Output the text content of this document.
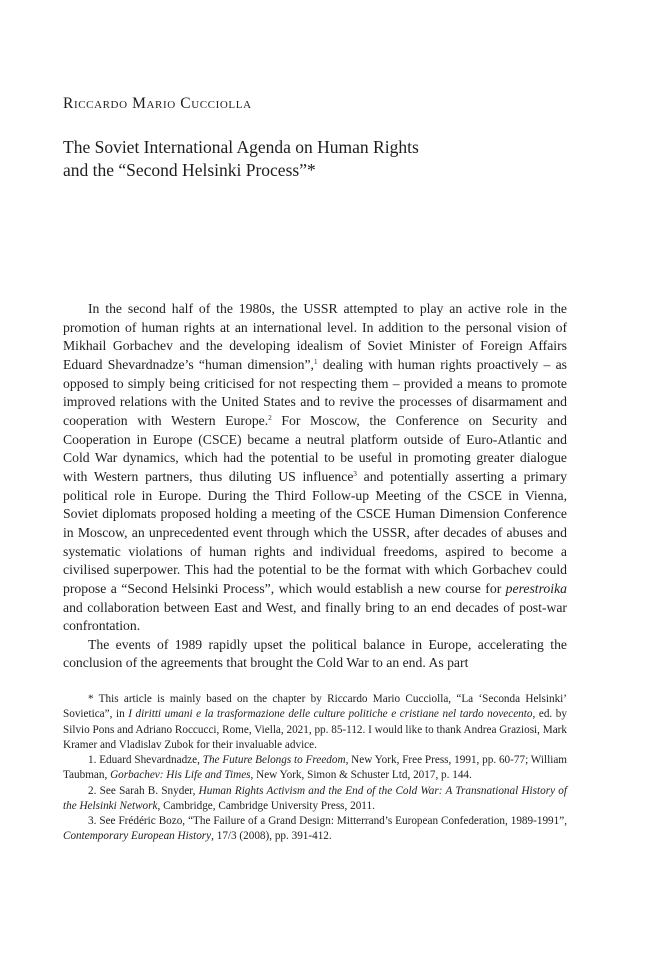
Riccardo Mario Cucciolla
The Soviet International Agenda on Human Rights
and the “Second Helsinki Process”*

In the second half of the 1980s, the USSR attempted to play an active role in the promotion of human rights at an international level. In addition to the personal vision of Mikhail Gorbachev and the developing idealism of Soviet Minister of Foreign Affairs Eduard Shevardnadze’s “human dimension”,$^1$ dealing with human rights proactively – as opposed to simply being criticised for not respecting them – provided a means to promote improved relations with the United States and to revive the processes of disarmament and cooperation with Western Europe.$^2$ For Moscow, the Conference on Security and Cooperation in Europe (CSCE) became a neutral platform outside of Euro-Atlantic and Cold War dynamics, which had the potential to be useful in promoting greater dialogue with Western partners, thus diluting US influence$^3$ and potentially asserting a primary political role in Europe. During the Third Follow-up Meeting of the CSCE in Vienna, Soviet diplomats proposed holding a meeting of the CSCE Human Dimension Conference in Moscow, an unprecedented event through which the USSR, after decades of abuses and systematic violations of human rights and individual freedoms, aspired to become a civilised superpower. This had the potential to be the format with which Gorbachev could propose a “Second Helsinki Process”, which would establish a new course for perestroika and collaboration between East and West, and finally bring to an end decades of post-war confrontation.

The events of 1989 rapidly upset the political balance in Europe, accelerating the conclusion of the agreements that brought the Cold War to an end. As part

* This article is mainly based on the chapter by Riccardo Mario Cucciolla, “La ‘Seconda Helsinki’ Sovietica”, in I diritti umani e la trasformazione delle culture politiche e cristiane nel tardo novecento, ed. by Silvio Pons and Adriano Roccucci, Rome, Viella, 2021, pp. 85-112. I would like to thank Andrea Graziosi, Mark Kramer and Vladislav Zubok for their invaluable advice.

1. Eduard Shevardnadze, The Future Belongs to Freedom, New York, Free Press, 1991, pp. 60-77; William Taubman, Gorbachev: His Life and Times, New York, Simon & Schuster Ltd, 2017, p. 144.

2. See Sarah B. Snyder, Human Rights Activism and the End of the Cold War: A Transnational History of the Helsinki Network, Cambridge, Cambridge University Press, 2011.

3. See Frédéric Bozo, “The Failure of a Grand Design: Mitterrand’s European Confederation, 1989-1991”, Contemporary European History, 17/3 (2008), pp. 391-412.
